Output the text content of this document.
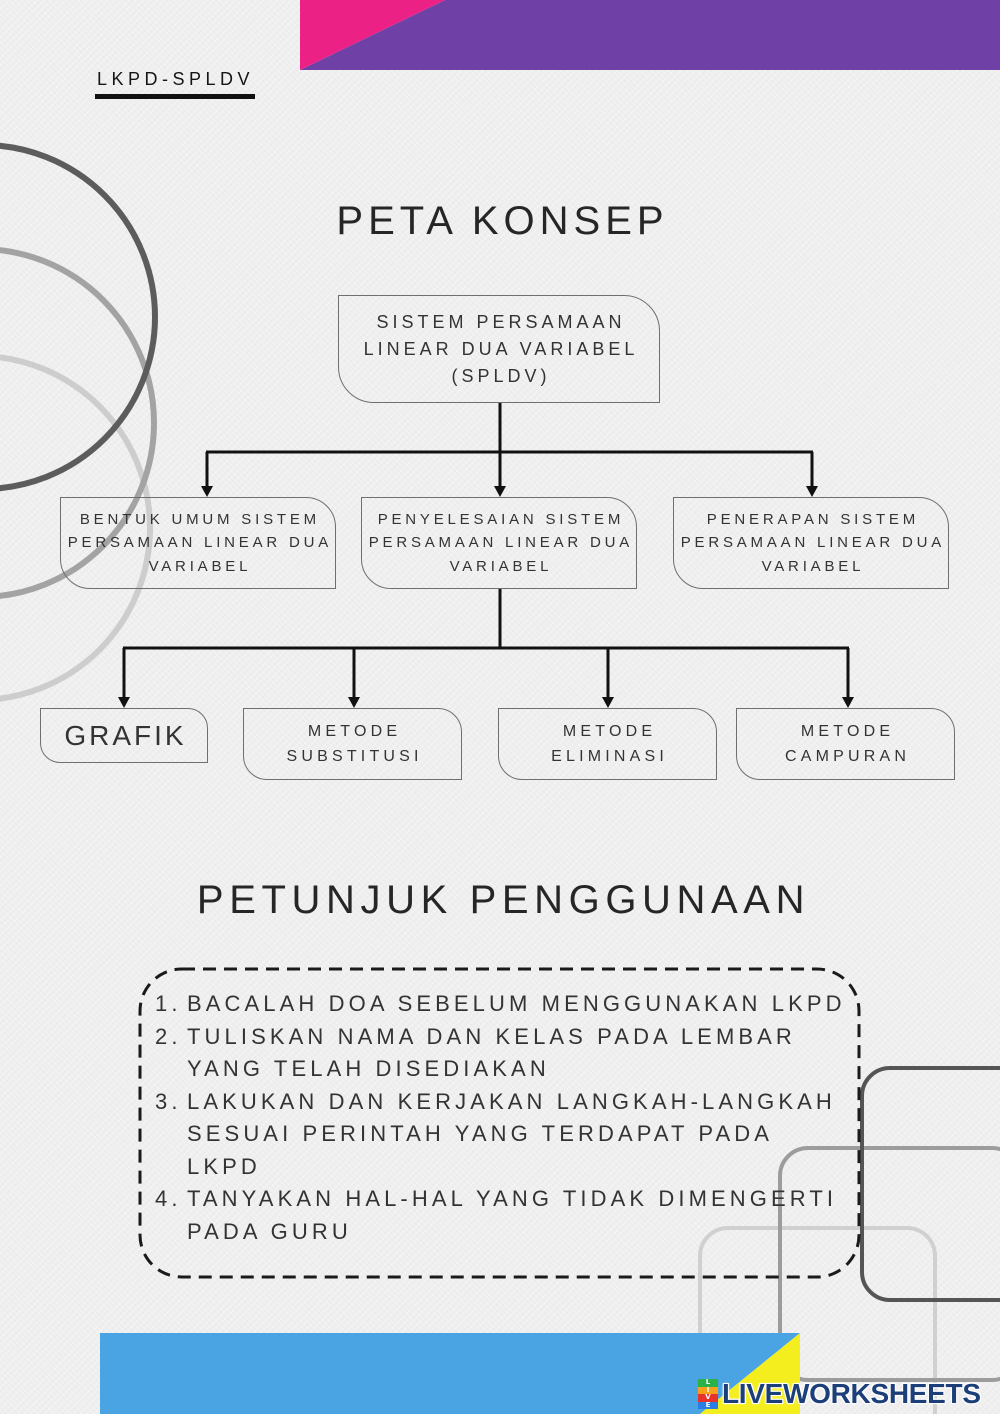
LKPD-SPLDV
PETA KONSEP
SISTEM PERSAMAAN
LINEAR DUA VARIABEL
(SPLDV)
BENTUK UMUM SISTEM
PERSAMAAN LINEAR DUA
VARIABEL
PENYELESAIAN SISTEM
PERSAMAAN LINEAR DUA
VARIABEL
PENERAPAN SISTEM
PERSAMAAN LINEAR DUA
VARIABEL
GRAFIK	METODE
SUBSTITUSI
METODE
ELIMINASI
METODE
CAMPURAN
PETUNJUK PENGGUNAAN
1. BACALAH DOA SEBELUM MENGGUNAKAN LKPD
2. TULISKAN NAMA DAN KELAS PADA LEMBAR
YANG TELAH DISEDIAKAN
3. LAKUKAN DAN KERJAKAN LANGKAH-LANGKAH
SESUAI PERINTAH YANG TERDAPAT PADA
LKPD
4. TANYAKAN HAL-HAL YANG TIDAK DIMENGERTI
PADA GURU
L
I
V
E LIVEWORKSHEETS
